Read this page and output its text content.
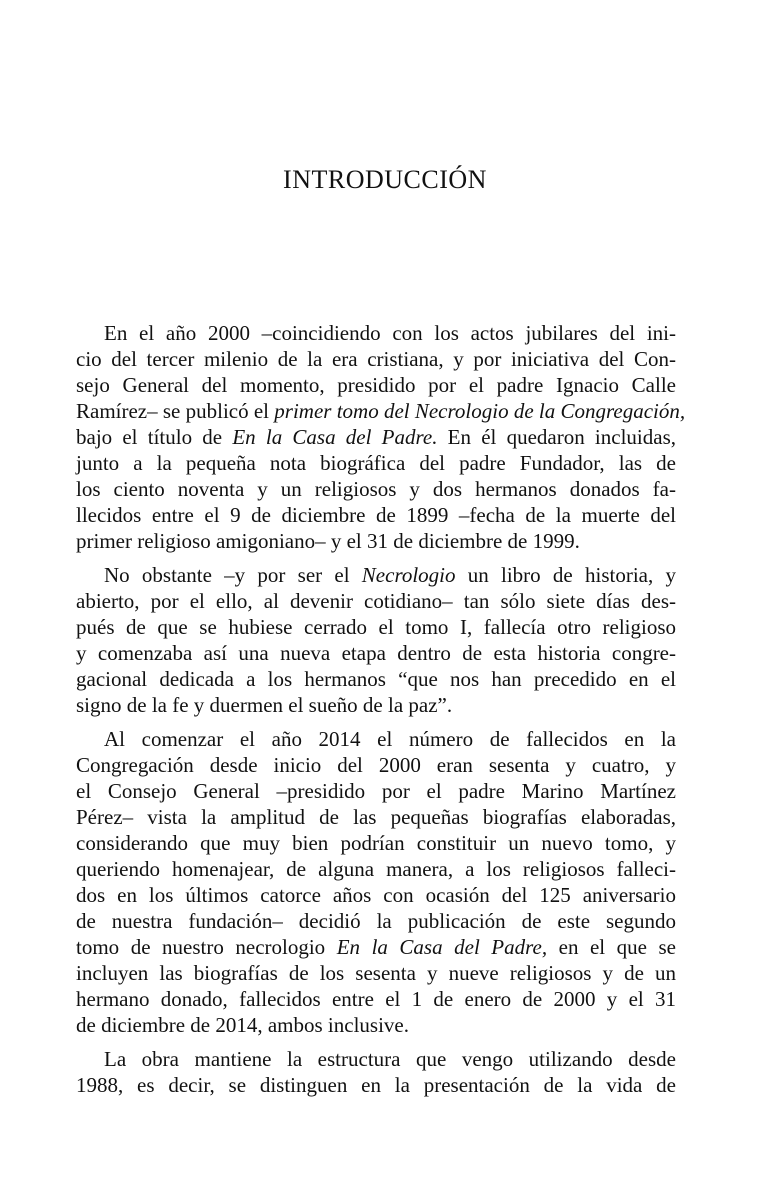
INTRODUCCIÓN
En el año 2000 –coincidiendo con los actos jubilares del ini-
cio del tercer milenio de la era cristiana, y por iniciativa del Con-
sejo General del momento, presidido por el padre Ignacio Calle
Ramírez– se publicó el primer tomo del Necrologio de la Congregación,
bajo el título de En la Casa del Padre. En él quedaron incluidas,
junto a la pequeña nota biográfica del padre Fundador, las de
los ciento noventa y un religiosos y dos hermanos donados fa-
llecidos entre el 9 de diciembre de 1899 –fecha de la muerte del
primer religioso amigoniano– y el 31 de diciembre de 1999.
No obstante –y por ser el Necrologio un libro de historia, y
abierto, por el ello, al devenir cotidiano– tan sólo siete días des-
pués de que se hubiese cerrado el tomo I, fallecía otro religioso
y comenzaba así una nueva etapa dentro de esta historia congre-
gacional dedicada a los hermanos “que nos han precedido en el
signo de la fe y duermen el sueño de la paz”.
Al comenzar el año 2014 el número de fallecidos en la
Congregación desde inicio del 2000 eran sesenta y cuatro, y
el Consejo General –presidido por el padre Marino Martínez
Pérez– vista la amplitud de las pequeñas biografías elaboradas,
considerando que muy bien podrían constituir un nuevo tomo, y
queriendo homenajear, de alguna manera, a los religiosos falleci-
dos en los últimos catorce años con ocasión del 125 aniversario
de nuestra fundación– decidió la publicación de este segundo
tomo de nuestro necrologio En la Casa del Padre, en el que se
incluyen las biografías de los sesenta y nueve religiosos y de un
hermano donado, fallecidos entre el 1 de enero de 2000 y el 31
de diciembre de 2014, ambos inclusive.
La obra mantiene la estructura que vengo utilizando desde
1988, es decir, se distinguen en la presentación de la vida de
